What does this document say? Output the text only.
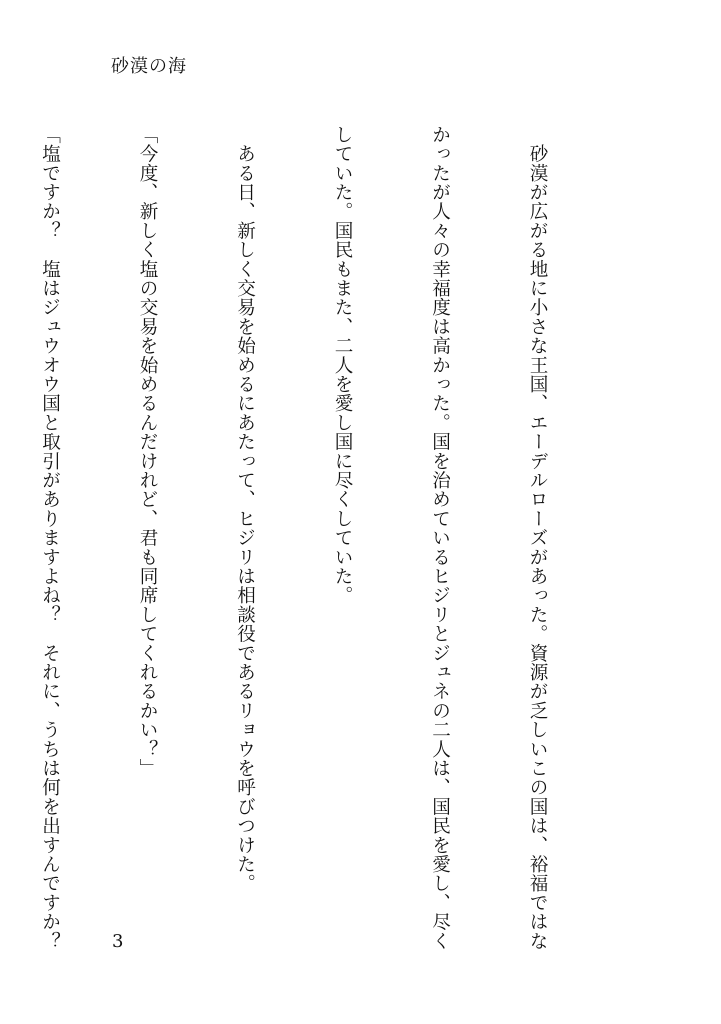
砂漠の海

　砂漠が広がる地に小さな王国、エーデルローズがあった。資源が乏しいこの国は、裕福ではな

かったが人々の幸福度は高かった。国を治めているヒジリとジュネの二人は、国民を愛し、尽く

していた。国民もまた、二人を愛し国に尽くしていた。

　ある日、新しく交易を始めるにあたって、ヒジリは相談役であるリョウを呼びつけた。

「今度、新しく塩の交易を始めるんだけれど、君も同席してくれるかい？」

「塩ですか？　塩はジュウオウ国と取引がありますよね？　それに、うちは何を出すんですか？

	3
